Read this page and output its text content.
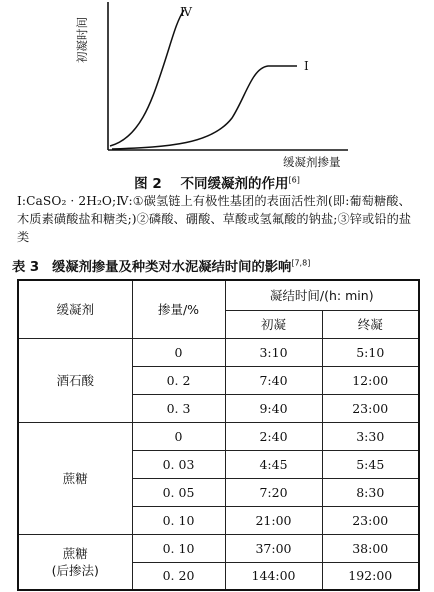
初凝时间
Ⅳ
Ⅰ
缓凝剂掺量
图 2 不同缓凝剂的作用[6]
Ⅰ:CaSO₂ · 2H₂O;Ⅳ:①碳氢链上有极性基团的表面活性剂(即:葡萄糖酸、木质素磺酸盐和糖类;)②磷酸、硼酸、草酸或氢氟酸的钠盐;③锌或铅的盐类
表 3 缓凝剂掺量及种类对水泥凝结时间的影响[7,8]
缓凝剂	掺量/%	凝结时间/(h: min)	
		初凝	终凝
酒石酸	0	3:10	5:10
	0. 2	7:40	12:00
	0. 3	9:40	23:00
蔗糖	0	2:40	3:30
	0. 03	4:45	5:45
	0. 05	7:20	8:30
	0. 10	21:00	23:00

蔗糖
(后掺法)	0. 10	37:00	38:00
	0. 20	144:00	192:00
